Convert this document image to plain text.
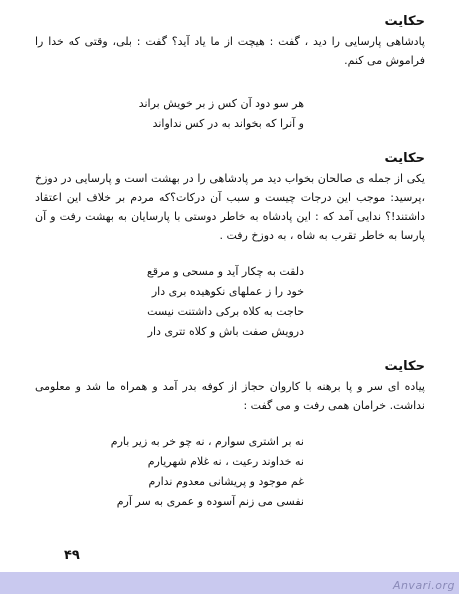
حکایت

پادشاهی پارسایی را دید ، گفت : هیچت از ما یاد آید؟ گفت : بلی، وقتی که خدا را فراموش می کنم.

هر سو دود آن کس ز بر خویش براند
و آنرا که بخواند به در کس نداواند
حکایت

یکی از جمله ی صالحان بخواب دید مر پادشاهی را در بهشت است و پارسایی در دوزخ ،پرسید: موجب این درجات چیست و سبب آن درکات؟که مردم بر خلاف این اعتقاد داشتند!؟ ندایی آمد که : این پادشاه به خاطر دوستی با پارسایان به بهشت رفت و آن پارسا به خاطر تقرب به شاه ، به دوزخ رفت .

دلقت به چکار آید و مسحی و مرقع
خود را ز عملهای نکوهیده بری دار
حاجت به کلاه برکی داشتنت نیست
درویش صفت باش و کلاه تتری دار
حکایت

پیاده ای سر و پا برهنه با کاروان حجاز از کوفه بدر آمد و همراه ما شد و معلومی نداشت. خرامان همی رفت و می گفت :

نه بر اشتری سوارم ، نه چو خر به زیر بارم
نه خداوند رعیت ، نه غلام شهریارم
غم موجود و پریشانی معدوم ندارم
نفسی می زنم آسوده و عمری به سر آرم
۴۹
Anvari.org
